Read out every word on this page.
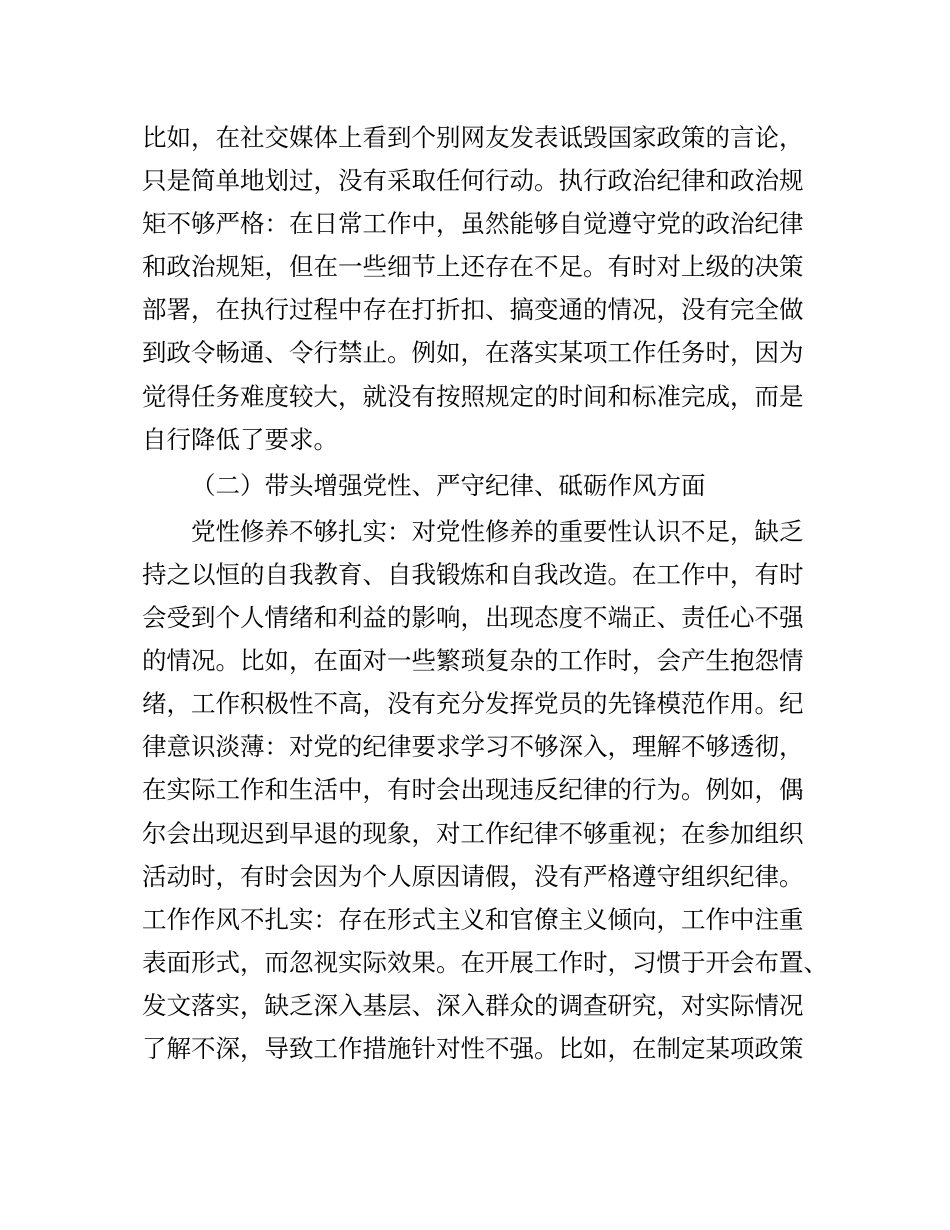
比如，在社交媒体上看到个别网友发表诋毁国家政策的言论，
只是简单地划过，没有采取任何行动。执行政治纪律和政治规
矩不够严格：在日常工作中，虽然能够自觉遵守党的政治纪律
和政治规矩，但在一些细节上还存在不足。有时对上级的决策
部署，在执行过程中存在打折扣、搞变通的情况，没有完全做
到政令畅通、令行禁止。例如，在落实某项工作任务时，因为
觉得任务难度较大，就没有按照规定的时间和标准完成，而是
自行降低了要求。
（二）带头增强党性、严守纪律、砥砺作风方面
党性修养不够扎实：对党性修养的重要性认识不足，缺乏
持之以恒的自我教育、自我锻炼和自我改造。在工作中，有时
会受到个人情绪和利益的影响，出现态度不端正、责任心不强
的情况。比如，在面对一些繁琐复杂的工作时，会产生抱怨情
绪，工作积极性不高，没有充分发挥党员的先锋模范作用。纪
律意识淡薄：对党的纪律要求学习不够深入，理解不够透彻，
在实际工作和生活中，有时会出现违反纪律的行为。例如，偶
尔会出现迟到早退的现象，对工作纪律不够重视；在参加组织
活动时，有时会因为个人原因请假，没有严格遵守组织纪律。
工作作风不扎实：存在形式主义和官僚主义倾向，工作中注重
表面形式，而忽视实际效果。在开展工作时，习惯于开会布置、
发文落实，缺乏深入基层、深入群众的调查研究，对实际情况
了解不深，导致工作措施针对性不强。比如，在制定某项政策
